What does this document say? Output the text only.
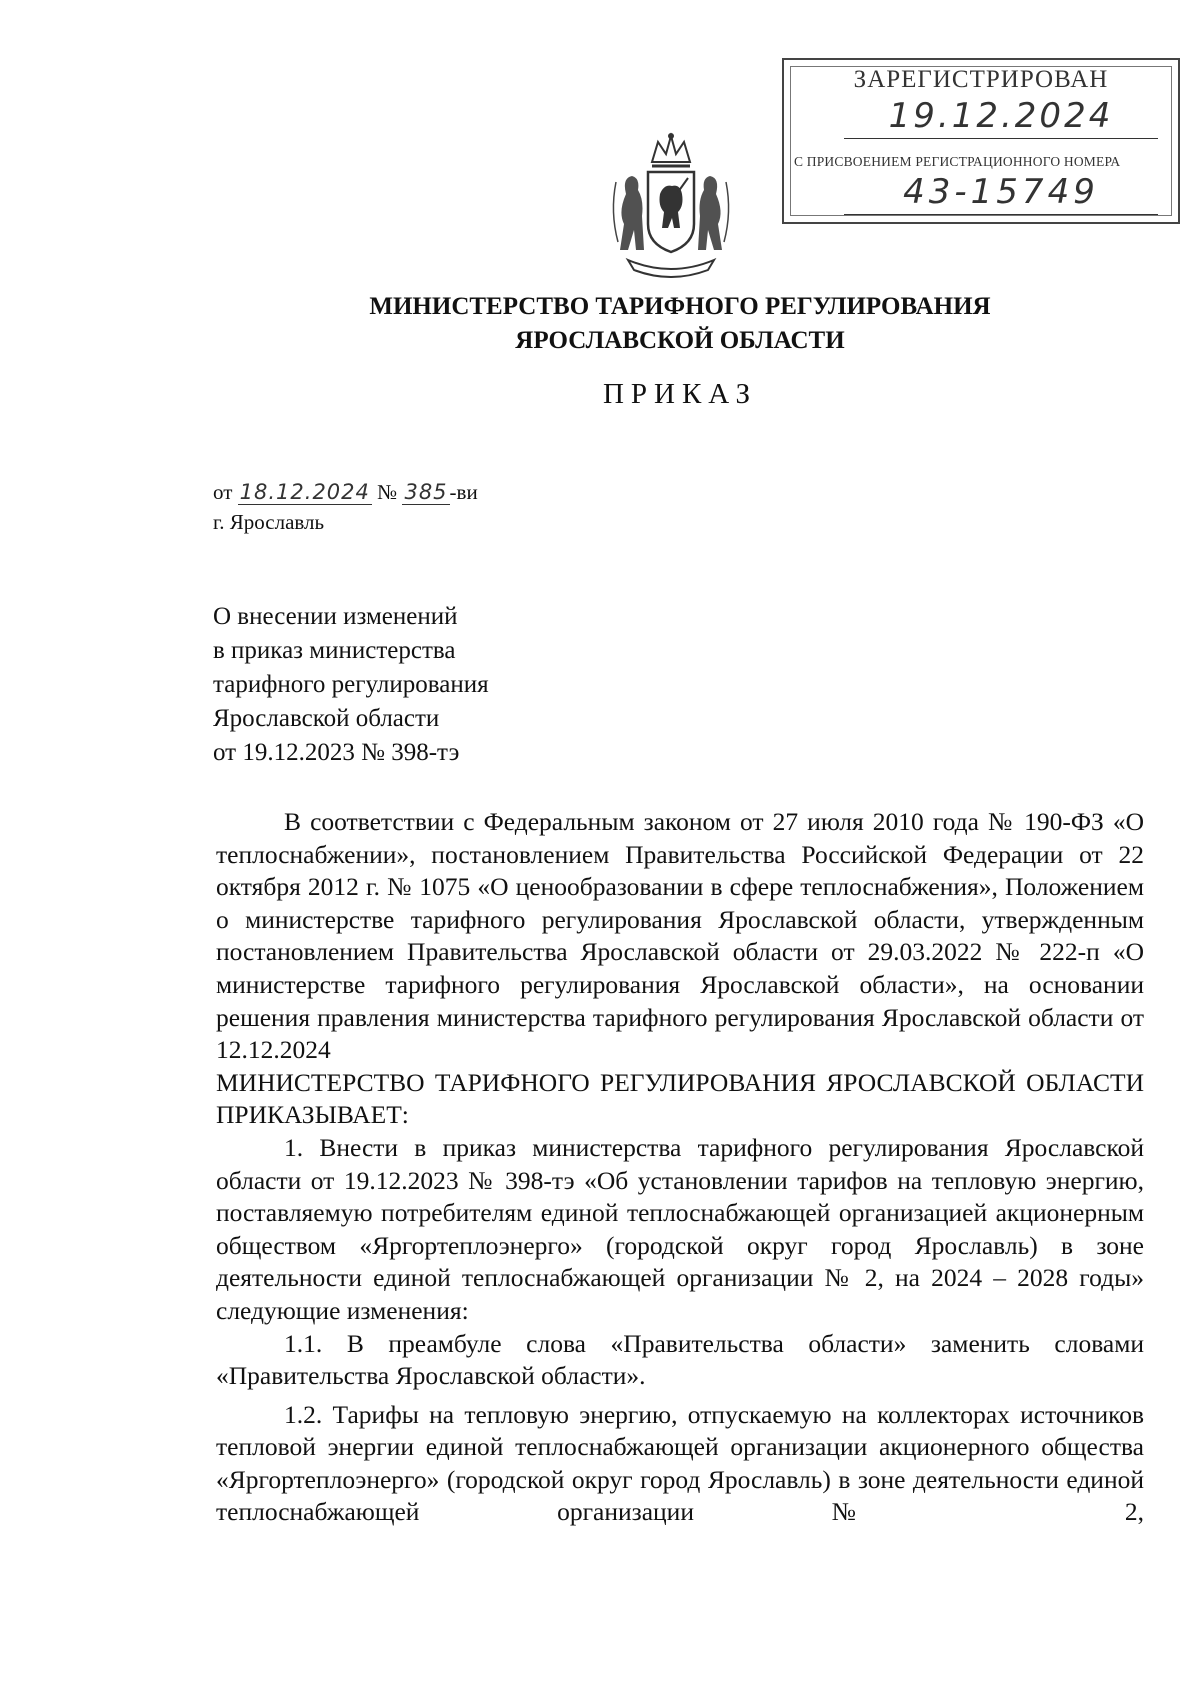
ЗАРЕГИСТРИРОВАН
19.12.2024
С ПРИСВОЕНИЕМ РЕГИСТРАЦИОННОГО НОМЕРА
43-15749
МИНИСТЕРСТВО ТАРИФНОГО РЕГУЛИРОВАНИЯ
ЯРОСЛАВСКОЙ ОБЛАСТИ
ПРИКАЗ
от 18.12.2024 № 385-ви
г. Ярославль
О внесении изменений
в приказ министерства
тарифного регулирования
Ярославской области
от 19.12.2023 № 398-тэ

В соответствии с Федеральным законом от 27 июля 2010 года № 190-ФЗ «О теплоснабжении», постановлением Правительства Российской Федерации от 22 октября 2012 г. № 1075 «О ценообразовании в сфере теплоснабжения», Положением о министерстве тарифного регулирования Ярославской области, утвержденным постановлением Правительства Ярославской области от 29.03.2022 № 222-п «О министерстве тарифного регулирования Ярославской области», на основании решения правления министерства тарифного регулирования Ярославской области от 12.12.2024

МИНИСТЕРСТВО ТАРИФНОГО РЕГУЛИРОВАНИЯ ЯРОСЛАВСКОЙ ОБЛАСТИ ПРИКАЗЫВАЕТ:

1. Внести в приказ министерства тарифного регулирования Ярославской области от 19.12.2023 № 398-тэ «Об установлении тарифов на тепловую энергию, поставляемую потребителям единой теплоснабжающей организацией акционерным обществом «Яргортеплоэнерго» (городской округ город Ярославль) в зоне деятельности единой теплоснабжающей организации № 2, на 2024 – 2028 годы» следующие изменения:

1.1. В преамбуле слова «Правительства области» заменить словами «Правительства Ярославской области».

1.2. Тарифы на тепловую энергию, отпускаемую на коллекторах источников тепловой энергии единой теплоснабжающей организации акционерного общества «Яргортеплоэнерго» (городской округ город Ярославль) в зоне деятельности единой теплоснабжающей организации № 2,
